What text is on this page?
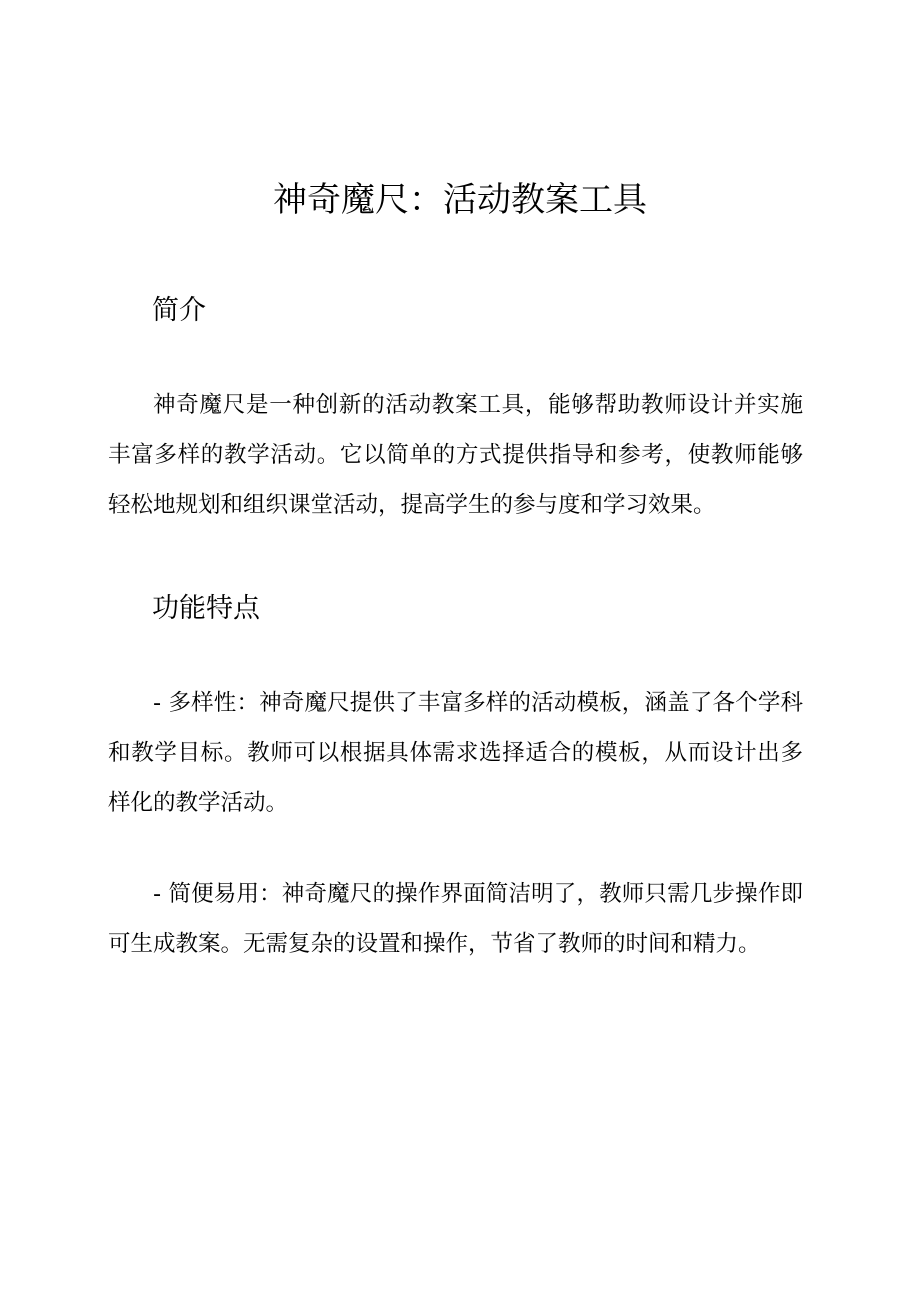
神奇魔尺：活动教案工具
简介

神奇魔尺是一种创新的活动教案工具，能够帮助教师设计并实施丰富多样的教学活动。它以简单的方式提供指导和参考，使教师能够轻松地规划和组织课堂活动，提高学生的参与度和学习效果。

功能特点

- 多样性：神奇魔尺提供了丰富多样的活动模板，涵盖了各个学科和教学目标。教师可以根据具体需求选择适合的模板，从而设计出多样化的教学活动。

- 简便易用：神奇魔尺的操作界面简洁明了，教师只需几步操作即可生成教案。无需复杂的设置和操作，节省了教师的时间和精力。
